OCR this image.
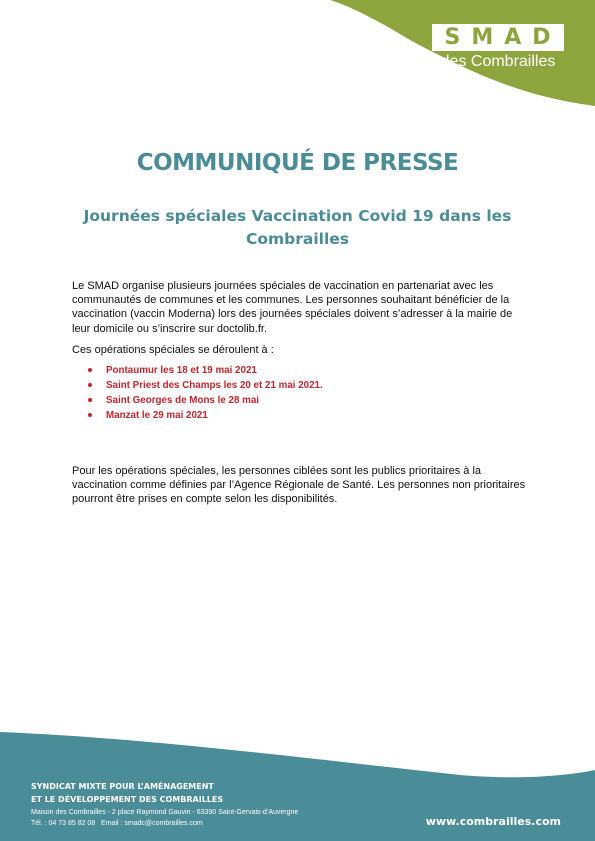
SMAD
des Combrailles
COMMUNIQUÉ DE PRESSE
Journées spéciales Vaccination Covid 19 dans les
Combrailles

Le SMAD organise plusieurs journées spéciales de vaccination en partenariat avec les communautés de communes et les communes. Les personnes souhaitant bénéficier de la vaccination (vaccin Moderna) lors des journées spéciales doivent s’adresser à la mairie de leur domicile ou s’inscrire sur doctolib.fr.

Ces opérations spéciales se déroulent à :

Pontaumur les 18 et 19 mai 2021
Saint Priest des Champs les 20 et 21 mai 2021.
Saint Georges de Mons le 28 mai
Manzat le 29 mai 2021

Pour les opérations spéciales, les personnes ciblées sont les publics prioritaires à la vaccination comme définies par l’Agence Régionale de Santé. Les personnes non prioritaires pourront être prises en compte selon les disponibilités.

SYNDICAT MIXTE POUR L’AMÉNAGEMENT
ET LE DÉVELOPPEMENT DES COMBRAILLES
Maison des Combrailles - 2 place Raymond Gauvin - 63390 Saint-Gervais-d’Auvergne
Tél. : 04 73 85 82 08   Email : smadc@combrailles.com	www.combrailles.com
